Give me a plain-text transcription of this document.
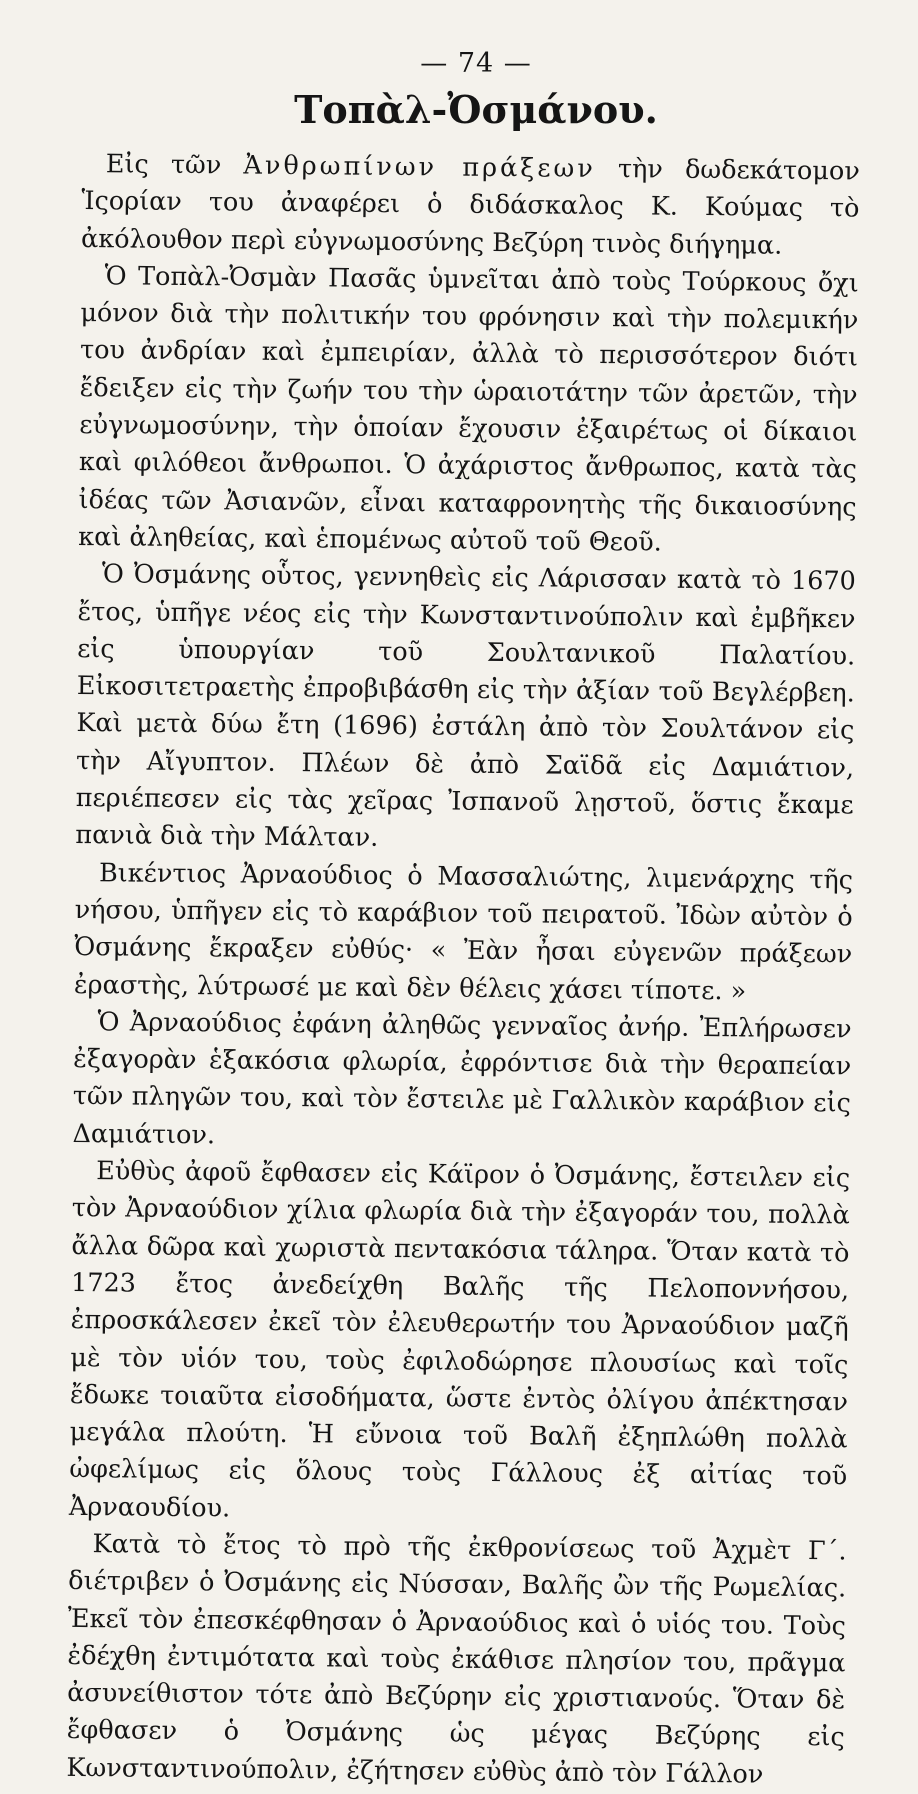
— 74 —
Τοπὰλ-Ὀσμάνου.

Εἰς τῶν Ἀνθρωπίνων πράξεων τὴν δωδεκάτομον Ἱςορίαν του ἀναφέρει ὁ διδάσκαλος Κ. Κούμας τὸ ἀκόλουθον περὶ εὐγνωμοσύνης Βεζύρη τινὸς διήγημα.

Ὁ Τοπὰλ-Ὀσμὰν Πασᾶς ὑμνεῖται ἀπὸ τοὺς Τούρκους ὄχι μόνον διὰ τὴν πολιτικήν του φρόνησιν καὶ τὴν πολεμικήν του ἀνδρίαν καὶ ἐμπειρίαν, ἀλλὰ τὸ περισσότερον διότι ἔδειξεν εἰς τὴν ζωήν του τὴν ὡραιοτάτην τῶν ἀρετῶν, τὴν εὐγνωμοσύνην, τὴν ὁποίαν ἔχουσιν ἐξαιρέτως οἱ δίκαιοι καὶ φιλόθεοι ἄνθρωποι. Ὁ ἀχάριστος ἄνθρωπος, κατὰ τὰς ἰδέας τῶν Ἀσιανῶν, εἶναι καταφρονητὴς τῆς δικαιοσύνης καὶ ἀληθείας, καὶ ἑπομένως αὐτοῦ τοῦ Θεοῦ.

Ὁ Ὀσμάνης οὗτος, γεννηθεὶς εἰς Λάρισσαν κατὰ τὸ 1670 ἔτος, ὑπῆγε νέος εἰς τὴν Κωνσταντινούπολιν καὶ ἐμβῆκεν εἰς ὑπουργίαν τοῦ Σουλτανικοῦ Παλατίου. Εἰκοσιτετραετὴς ἐπροβιβάσθη εἰς τὴν ἀξίαν τοῦ Βεγλέρβεη. Καὶ μετὰ δύω ἔτη (1696) ἐστάλη ἀπὸ τὸν Σουλτάνον εἰς τὴν Αἴγυπτον. Πλέων δὲ ἀπὸ Σαϊδᾶ εἰς Δαμιάτιον, περιέπεσεν εἰς τὰς χεῖρας Ἰσπανοῦ λῃστοῦ, ὅστις ἔκαμε πανιὰ διὰ τὴν Μάλταν.

Βικέντιος Ἀρναούδιος ὁ Μασσαλιώτης, λιμενάρχης τῆς νήσου, ὑπῆγεν εἰς τὸ καράβιον τοῦ πειρατοῦ. Ἰδὼν αὐτὸν ὁ Ὀσμάνης ἔκραξεν εὐθύς· « Ἐὰν ἦσαι εὐγενῶν πράξεων ἐραστὴς, λύτρωσέ με καὶ δὲν θέλεις χάσει τίποτε. »

Ὁ Ἀρναούδιος ἐφάνη ἀληθῶς γενναῖος ἀνήρ. Ἐπλήρωσεν ἐξαγορὰν ἑξακόσια φλωρία, ἐφρόντισε διὰ τὴν θεραπείαν τῶν πληγῶν του, καὶ τὸν ἔστειλε μὲ Γαλλικὸν καράβιον εἰς Δαμιάτιον.

Εὐθὺς ἀφοῦ ἔφθασεν εἰς Κάϊρον ὁ Ὀσμάνης, ἔστειλεν εἰς τὸν Ἀρναούδιον χίλια φλωρία διὰ τὴν ἐξαγοράν του, πολλὰ ἄλλα δῶρα καὶ χωριστὰ πεντακόσια τάληρα. Ὅταν κατὰ τὸ 1723 ἔτος ἀνεδείχθη Βαλῆς τῆς Πελοποννήσου, ἐπροσκάλεσεν ἐκεῖ τὸν ἐλευθερωτήν του Ἀρναούδιον μαζῆ μὲ τὸν υἱόν του, τοὺς ἐφιλοδώρησε πλουσίως καὶ τοῖς ἔδωκε τοιαῦτα εἰσοδήματα, ὥστε ἐντὸς ὀλίγου ἀπέκτησαν μεγάλα πλούτη. Ἡ εὔνοια τοῦ Βαλῆ ἐξηπλώθη πολλὰ ὠφελίμως εἰς ὅλους τοὺς Γάλλους ἐξ αἰτίας τοῦ Ἀρναουδίου.

Κατὰ τὸ ἔτος τὸ πρὸ τῆς ἐκθρονίσεως τοῦ Ἀχμὲτ Γ΄. διέτριβεν ὁ Ὀσμάνης εἰς Νύσσαν, Βαλῆς ὢν τῆς Ρωμελίας. Ἐκεῖ τὸν ἐπεσκέφθησαν ὁ Ἀρναούδιος καὶ ὁ υἱός του. Τοὺς ἐδέχθη ἐντιμότατα καὶ τοὺς ἐκάθισε πλησίον του, πρᾶγμα ἀσυνείθιστον τότε ἀπὸ Βεζύρην εἰς χριστιανούς. Ὅταν δὲ ἔφθασεν ὁ Ὀσμάνης ὡς μέγας Βεζύρης εἰς Κωνσταντινούπολιν, ἐζήτησεν εὐθὺς ἀπὸ τὸν Γάλλον
